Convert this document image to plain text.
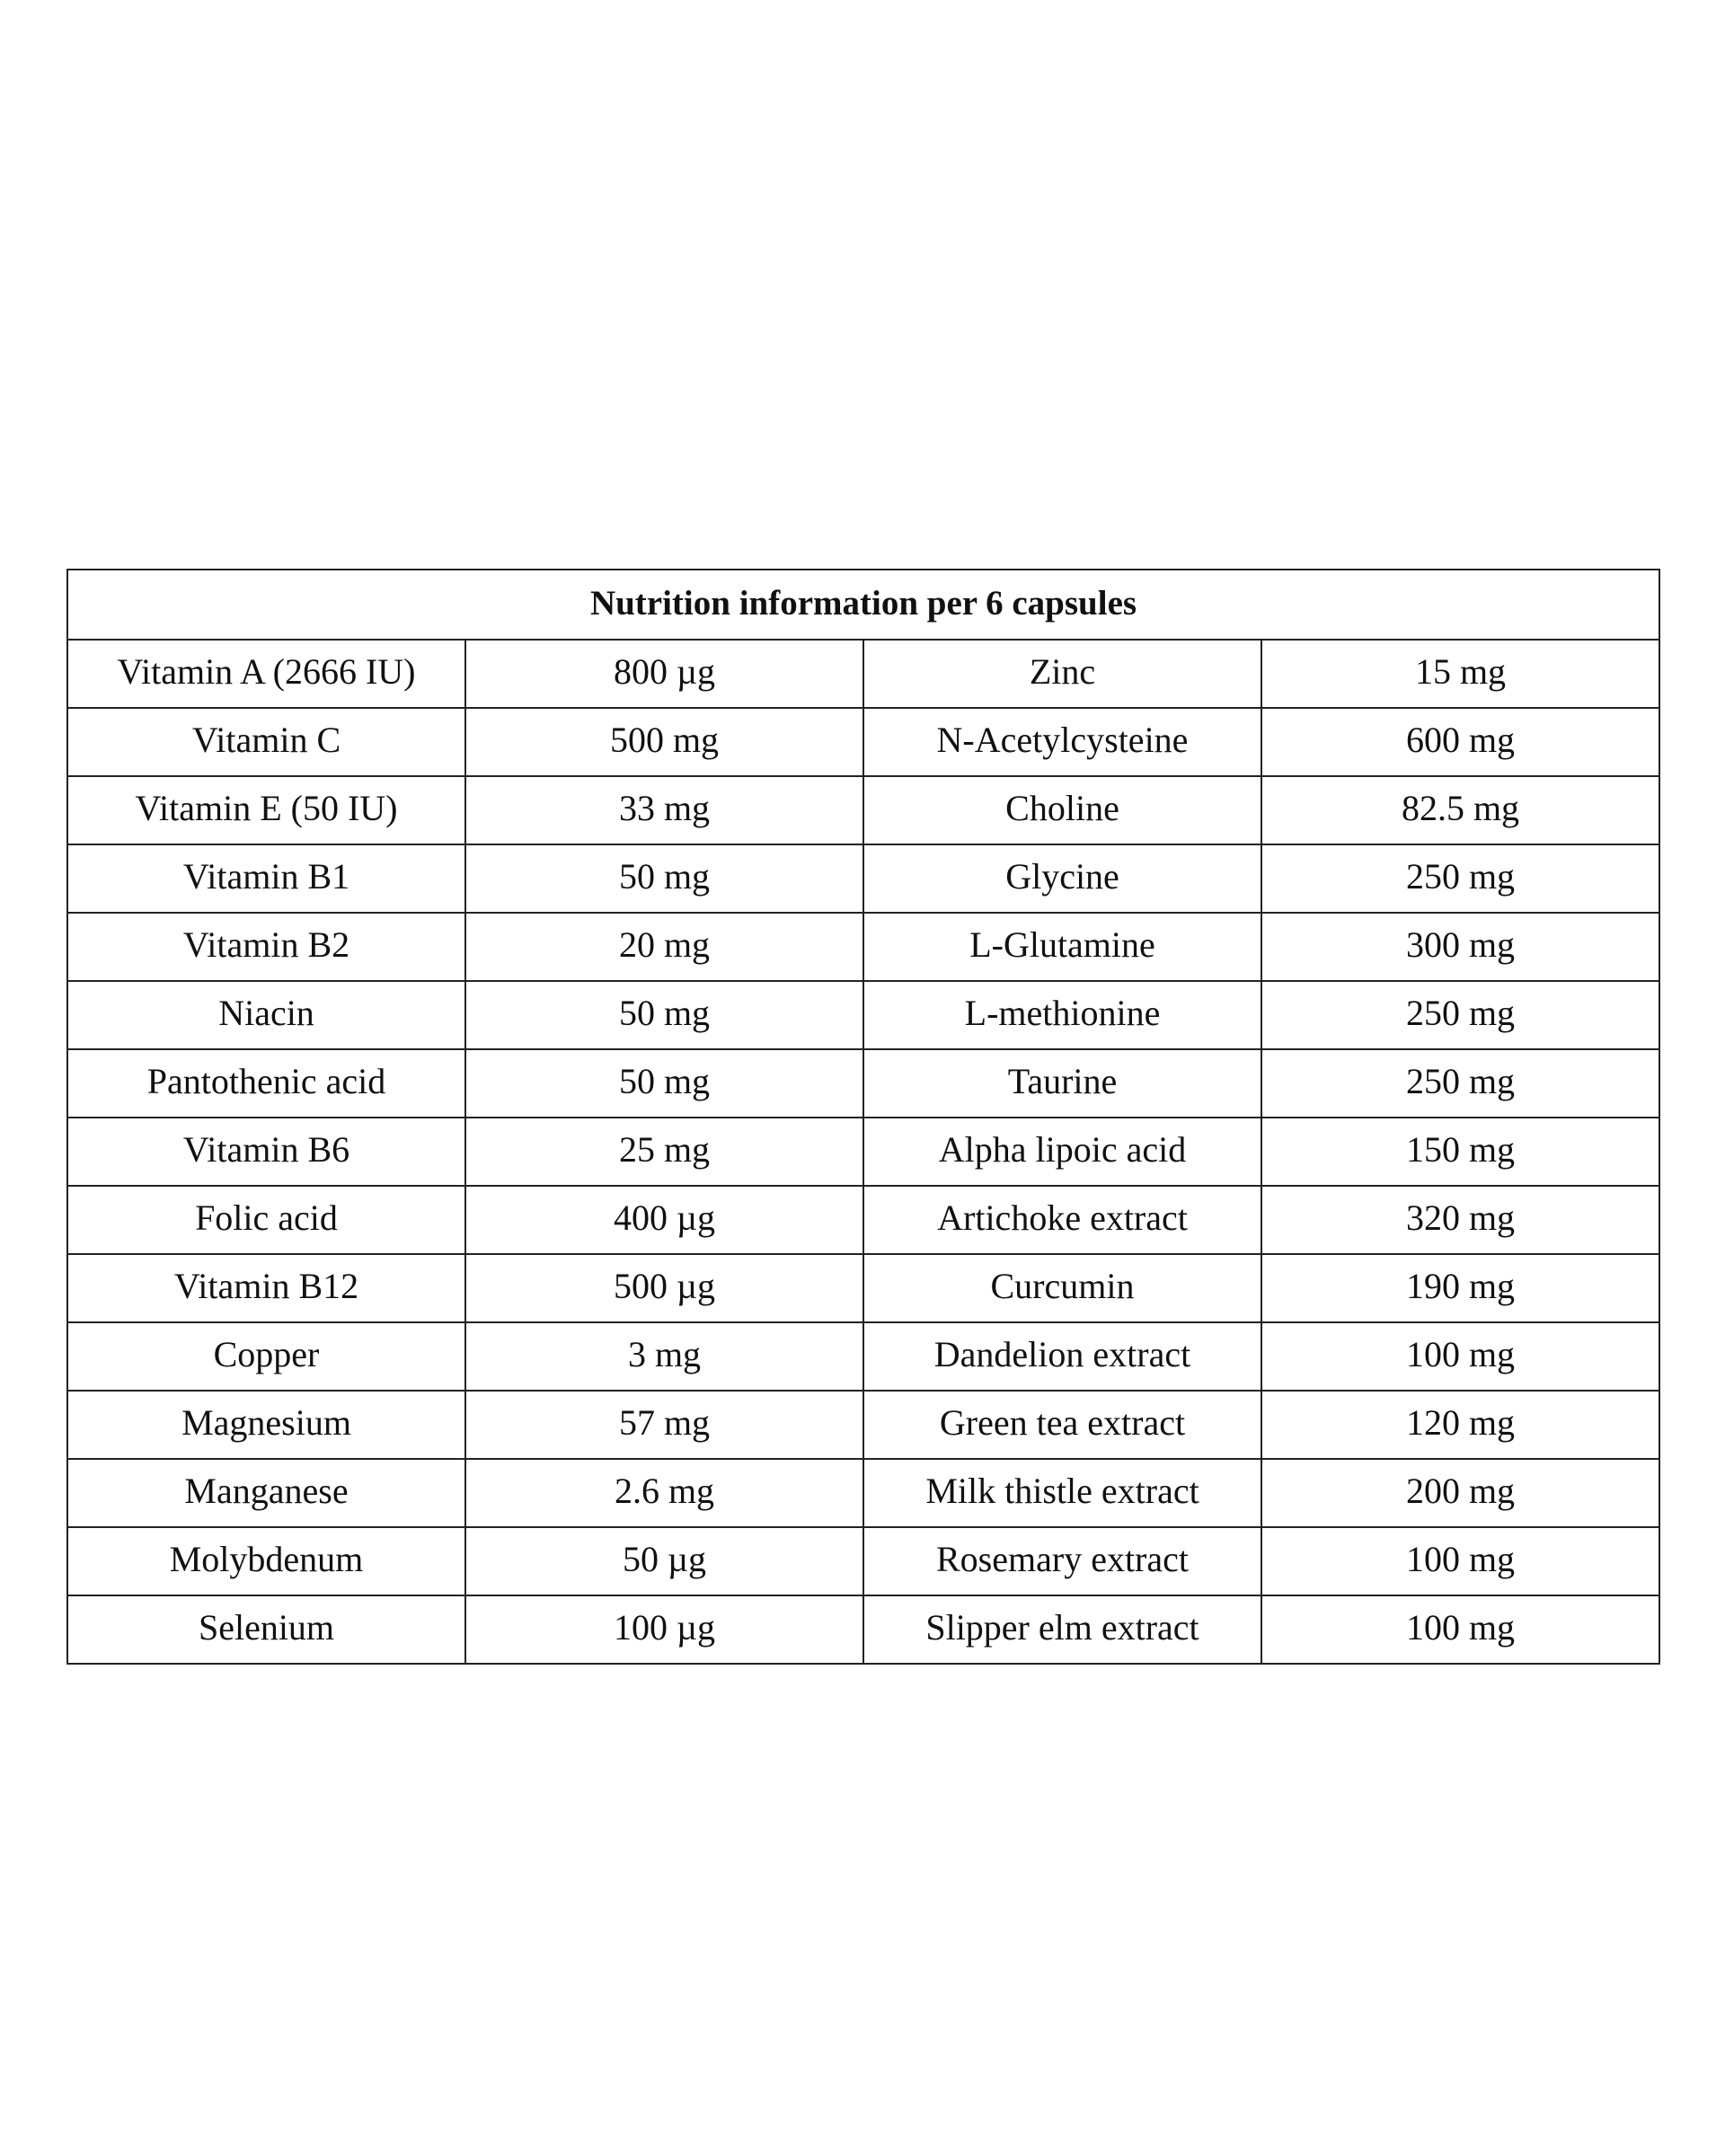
Nutrition information per 6 capsules			
Vitamin A (2666 IU)	800 µg	Zinc	15 mg
Vitamin C	500 mg	N-Acetylcysteine	600 mg
Vitamin E (50 IU)	33 mg	Choline	82.5 mg
Vitamin B1	50 mg	Glycine	250 mg
Vitamin B2	20 mg	L-Glutamine	300 mg
Niacin	50 mg	L-methionine	250 mg
Pantothenic acid	50 mg	Taurine	250 mg
Vitamin B6	25 mg	Alpha lipoic acid	150 mg
Folic acid	400 µg	Artichoke extract	320 mg
Vitamin B12	500 µg	Curcumin	190 mg
Copper	3 mg	Dandelion extract	100 mg
Magnesium	57 mg	Green tea extract	120 mg
Manganese	2.6 mg	Milk thistle extract	200 mg
Molybdenum	50 µg	Rosemary extract	100 mg
Selenium	100 µg	Slipper elm extract	100 mg
